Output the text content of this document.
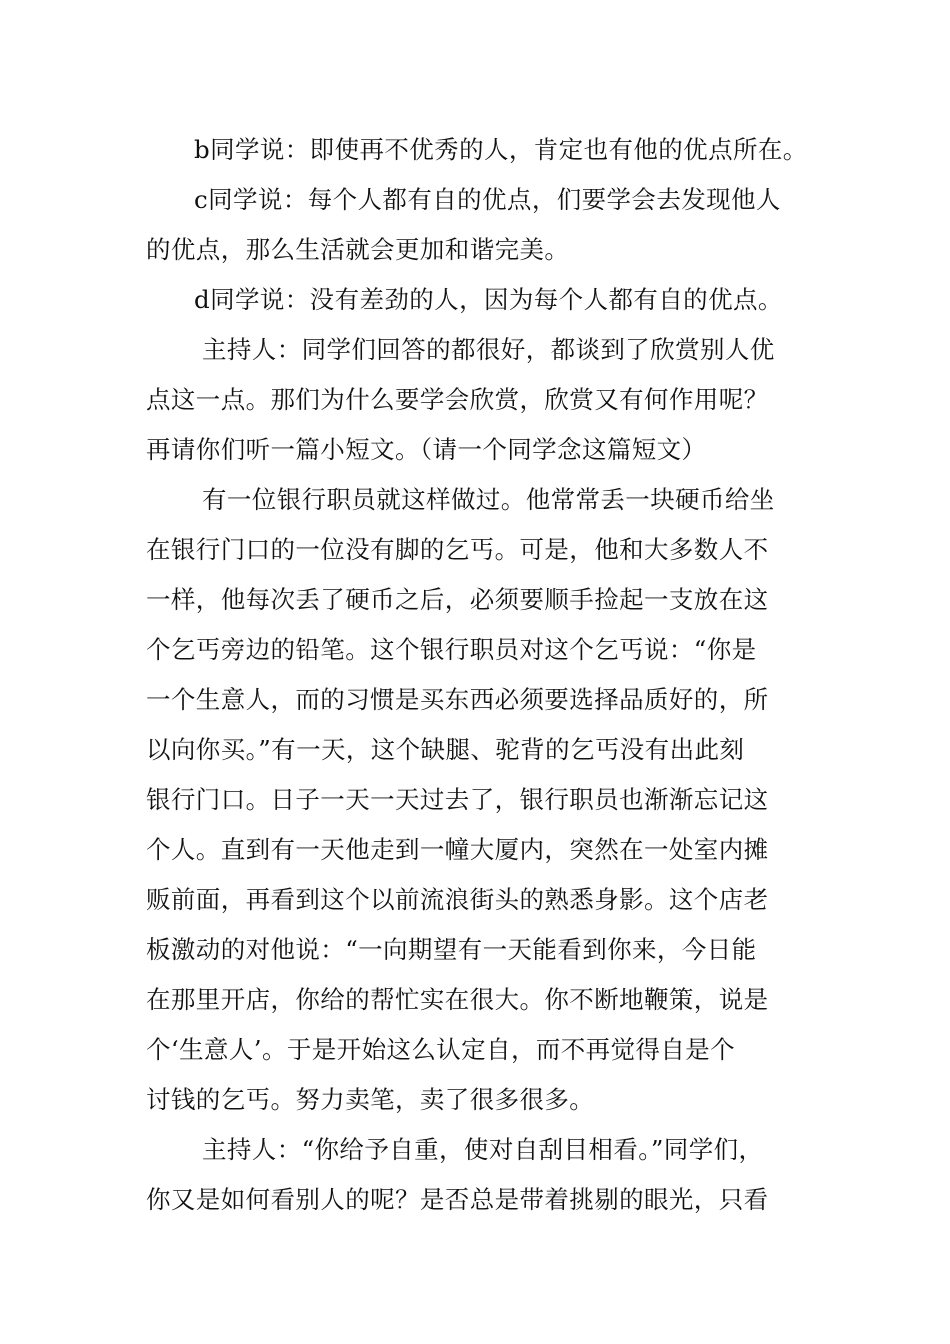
b同学说：即使再不优秀的人，肯定也有他的优点所在。
c同学说：每个人都有自的优点，们要学会去发现他人
的优点，那么生活就会更加和谐完美。
d同学说：没有差劲的人，因为每个人都有自的优点。
主持人：同学们回答的都很好，都谈到了欣赏别人优
点这一点。那们为什么要学会欣赏，欣赏又有何作用呢？
再请你们听一篇小短文。（请一个同学念这篇短文）
有一位银行职员就这样做过。他常常丢一块硬币给坐
在银行门口的一位没有脚的乞丐。可是，他和大多数人不
一样，他每次丢了硬币之后，必须要顺手捡起一支放在这
个乞丐旁边的铅笔。这个银行职员对这个乞丐说：“你是
一个生意人，而的习惯是买东西必须要选择品质好的，所
以向你买。”有一天，这个缺腿、驼背的乞丐没有出此刻
银行门口。日子一天一天过去了，银行职员也渐渐忘记这
个人。直到有一天他走到一幢大厦内，突然在一处室内摊
贩前面，再看到这个以前流浪街头的熟悉身影。这个店老
板激动的对他说：“一向期望有一天能看到你来，今日能
在那里开店，你给的帮忙实在很大。你不断地鞭策，说是
个‘生意人’。于是开始这么认定自，而不再觉得自是个
讨钱的乞丐。努力卖笔，卖了很多很多。
主持人：“你给予自重，使对自刮目相看。”同学们，
你又是如何看别人的呢？是否总是带着挑剔的眼光，只看
